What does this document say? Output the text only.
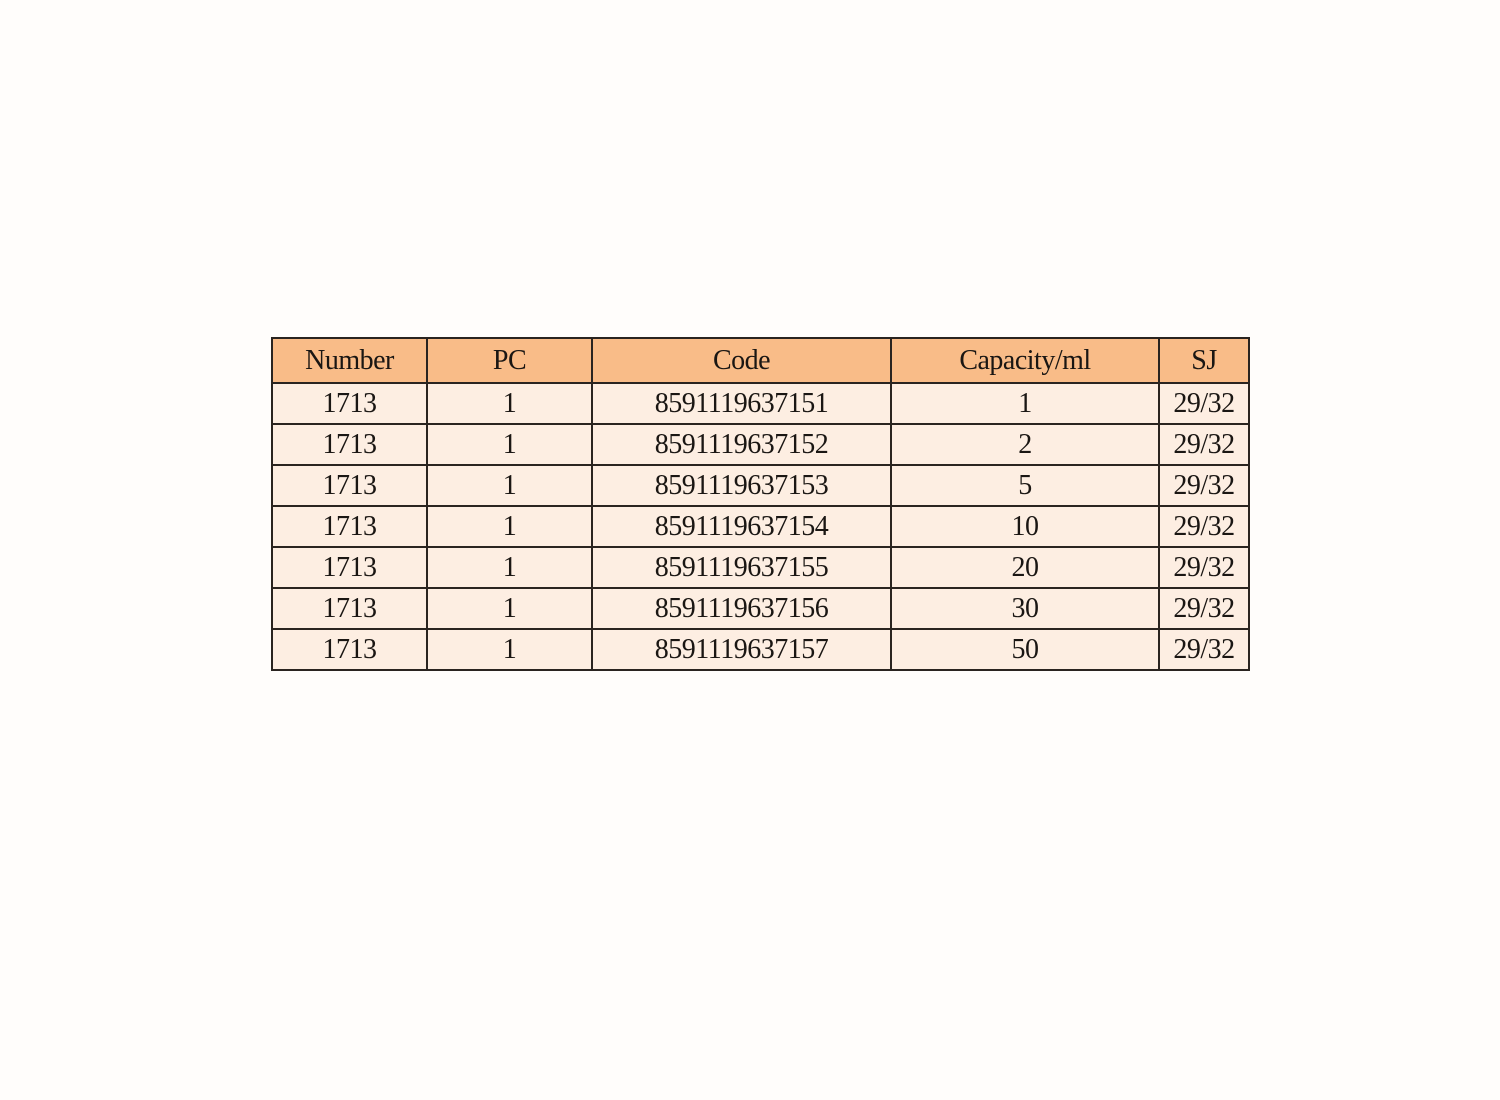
Number	PC	Code	Capacity/ml	SJ
1713	1	8591119637151	1	29/32
1713	1	8591119637152	2	29/32
1713	1	8591119637153	5	29/32
1713	1	8591119637154	10	29/32
1713	1	8591119637155	20	29/32
1713	1	8591119637156	30	29/32
1713	1	8591119637157	50	29/32
